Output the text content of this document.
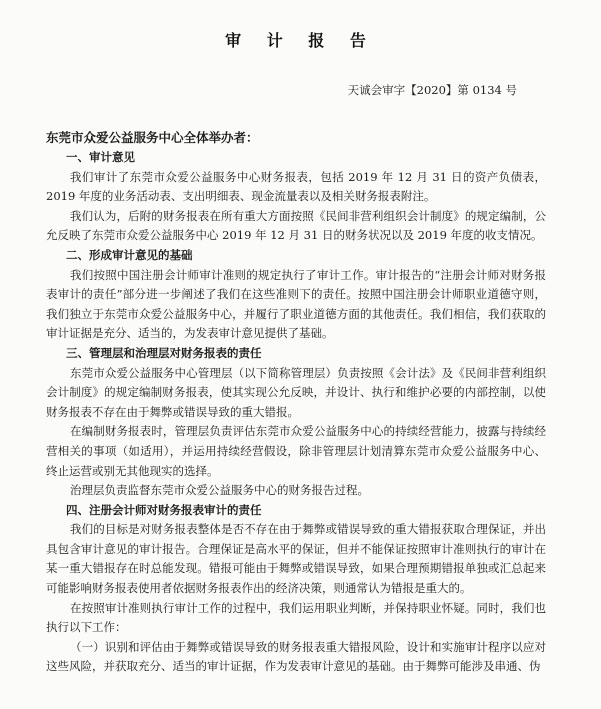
审 计 报 告
天诚会审字【2020】第 0134 号
东莞市众爱公益服务中心全体举办者：
一、审计意见

我们审计了东莞市众爱公益服务中心财务报表，包括 2019 年 12 月 31 日的资产负债表，2019 年度的业务活动表、支出明细表、现金流量表以及相关财务报表附注。

我们认为，后附的财务报表在所有重大方面按照《民间非营利组织会计制度》的规定编制，公允反映了东莞市众爱公益服务中心 2019 年 12 月 31 日的财务状况以及 2019 年度的收支情况。

二、形成审计意见的基础

我们按照中国注册会计师审计准则的规定执行了审计工作。审计报告的“注册会计师对财务报表审计的责任”部分进一步阐述了我们在这些准则下的责任。按照中国注册会计师职业道德守则，我们独立于东莞市众爱公益服务中心，并履行了职业道德方面的其他责任。我们相信，我们获取的审计证据是充分、适当的，为发表审计意见提供了基础。

三、管理层和治理层对财务报表的责任

东莞市众爱公益服务中心管理层（以下简称管理层）负责按照《会计法》及《民间非营利组织会计制度》的规定编制财务报表，使其实现公允反映，并设计、执行和维护必要的内部控制，以使财务报表不存在由于舞弊或错误导致的重大错报。

在编制财务报表时，管理层负责评估东莞市众爱公益服务中心的持续经营能力，披露与持续经营相关的事项（如适用），并运用持续经营假设，除非管理层计划清算东莞市众爱公益服务中心、终止运营或别无其他现实的选择。

治理层负责监督东莞市众爱公益服务中心的财务报告过程。

四、注册会计师对财务报表审计的责任

我们的目标是对财务报表整体是否不存在由于舞弊或错误导致的重大错报获取合理保证，并出具包含审计意见的审计报告。合理保证是高水平的保证，但并不能保证按照审计准则执行的审计在某一重大错报存在时总能发现。错报可能由于舞弊或错误导致，如果合理预期错报单独或汇总起来可能影响财务报表使用者依据财务报表作出的经济决策，则通常认为错报是重大的。

在按照审计准则执行审计工作的过程中，我们运用职业判断，并保持职业怀疑。同时，我们也执行以下工作：

（一）识别和评估由于舞弊或错误导致的财务报表重大错报风险，设计和实施审计程序以应对这些风险，并获取充分、适当的审计证据，作为发表审计意见的基础。由于舞弊可能涉及串通、伪
